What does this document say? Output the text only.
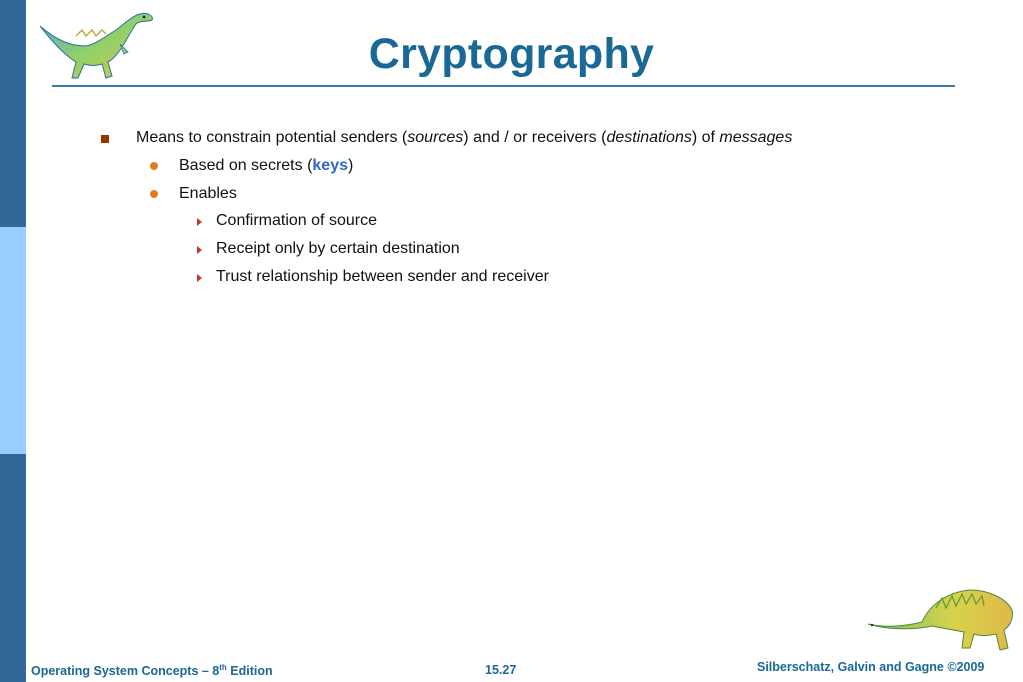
Cryptography
Means to constrain potential senders (sources) and / or receivers (destinations) of messages
Based on secrets (keys)
Enables
Confirmation of source
Receipt only by certain destination
Trust relationship between sender and receiver
Operating System Concepts – 8th Edition	15.27	Silberschatz, Galvin and Gagne ©2009
